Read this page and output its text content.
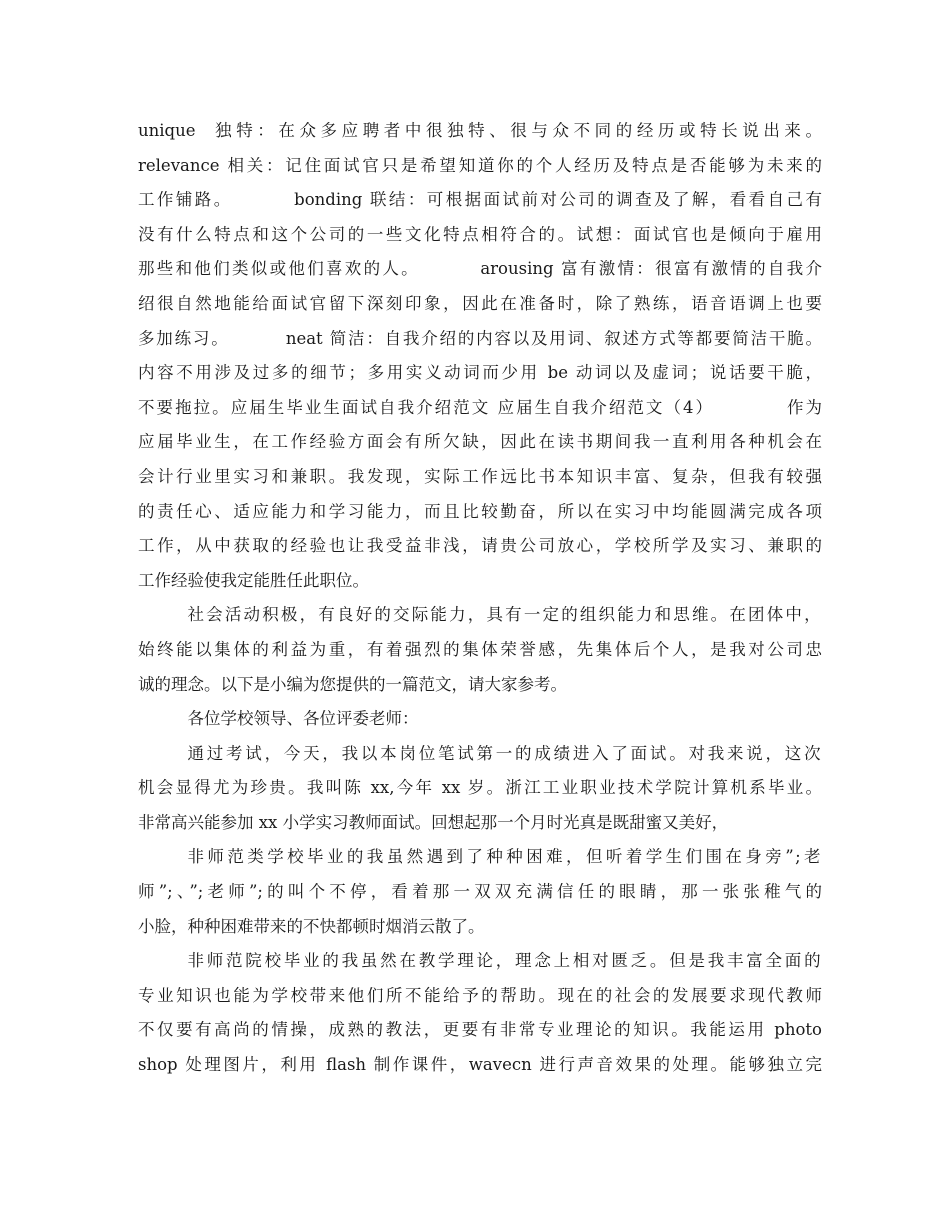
unique  独特：在众多应聘者中很独特、很与众不同的经历或特长说出来。
relevance 相关：记住面试官只是希望知道你的个人经历及特点是否能够为未来的
工作铺路。        bonding 联结：可根据面试前对公司的调查及了解，看看自己有
没有什么特点和这个公司的一些文化特点相符合的。试想：面试官也是倾向于雇用
那些和他们类似或他们喜欢的人。        arousing 富有激情：很富有激情的自我介
绍很自然地能给面试官留下深刻印象，因此在准备时，除了熟练，语音语调上也要
多加练习。        neat 简洁：自我介绍的内容以及用词、叙述方式等都要简洁干脆。
内容不用涉及过多的细节；多用实义动词而少用 be 动词以及虚词；说话要干脆，
不要拖拉。应届生毕业生面试自我介绍范文 应届生自我介绍范文（4）          作为
应届毕业生，在工作经验方面会有所欠缺，因此在读书期间我一直利用各种机会在
会计行业里实习和兼职。我发现，实际工作远比书本知识丰富、复杂，但我有较强
的责任心、适应能力和学习能力，而且比较勤奋，所以在实习中均能圆满完成各项
工作，从中获取的经验也让我受益非浅，请贵公司放心，学校所学及实习、兼职的
工作经验使我定能胜任此职位。
社会活动积极，有良好的交际能力，具有一定的组织能力和思维。在团体中，
始终能以集体的利益为重，有着强烈的集体荣誉感，先集体后个人，是我对公司忠
诚的理念。以下是小编为您提供的一篇范文，请大家参考。
各位学校领导、各位评委老师：
通过考试，今天，我以本岗位笔试第一的成绩进入了面试。对我来说，这次
机会显得尤为珍贵。我叫陈 xx,今年 xx 岁。浙江工业职业技术学院计算机系毕业。
非常高兴能参加 xx 小学实习教师面试。回想起那一个月时光真是既甜蜜又美好，
非师范类学校毕业的我虽然遇到了种种困难，但听着学生们围在身旁”;老
师”;、”;老师”;的叫个不停，看着那一双双充满信任的眼睛，那一张张稚气的
小脸，种种困难带来的不快都顿时烟消云散了。
非师范院校毕业的我虽然在教学理论，理念上相对匮乏。但是我丰富全面的
专业知识也能为学校带来他们所不能给予的帮助。现在的社会的发展要求现代教师
不仅要有高尚的情操，成熟的教法，更要有非常专业理论的知识。我能运用 photo
shop 处理图片，利用 flash 制作课件，wavecn 进行声音效果的处理。能够独立完
